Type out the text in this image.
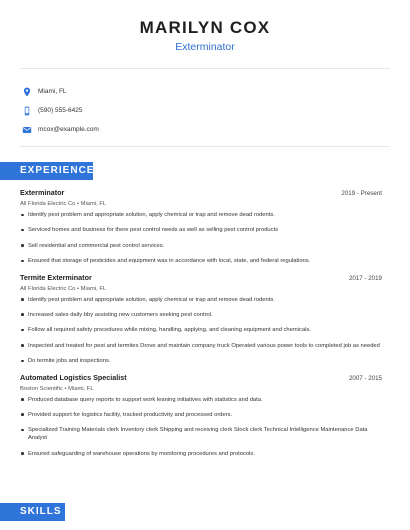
MARILYN COX
Exterminator
Miami, FL
(590) 555-6425
mcox@example.com
EXPERIENCE
Exterminator	2019 - Present
All Florida Electric Co • Miami, FL
Identify pest problem and appropriate solution, apply chemical or trap and remove dead rodents.
Serviced homes and business for there pest control needs as well as selling pest control products
Sell residential and commercial pest control services.
Ensured that storage of pesticides and equipment was in accordance with local, state, and federal regulations.
Termite Exterminator	2017 - 2019
All Florida Electric Co • Miami, FL
Identify pest problem and appropriate solution, apply chemical or trap and remove dead rodents.
Increased sales daily bby assisting new customers seeking pest control.
Follow all required safety procedures while mixing, handling, applying, and cleaning equipment and chemicals.
Inspected and treated for pest and termites Drove and maintain company truck Operated various power tools to completed job as needed
Do termite jobs and inspections.
Automated Logistics Specialist	2007 - 2015
Boston Scientific • Miami, FL
Produced database query reports to support work leaning initiatives with statistics and data.
Provided support for logistics facility, tracked productivity and processed orders.
Specialized Training Materials clerk Inventory clerk Shipping and receiving clerk Stock clerk Technical Intelligence Maintenance Data Analyst
Ensured safeguarding of warehouse operations by monitoring procedures and protocols.
SKILLS
